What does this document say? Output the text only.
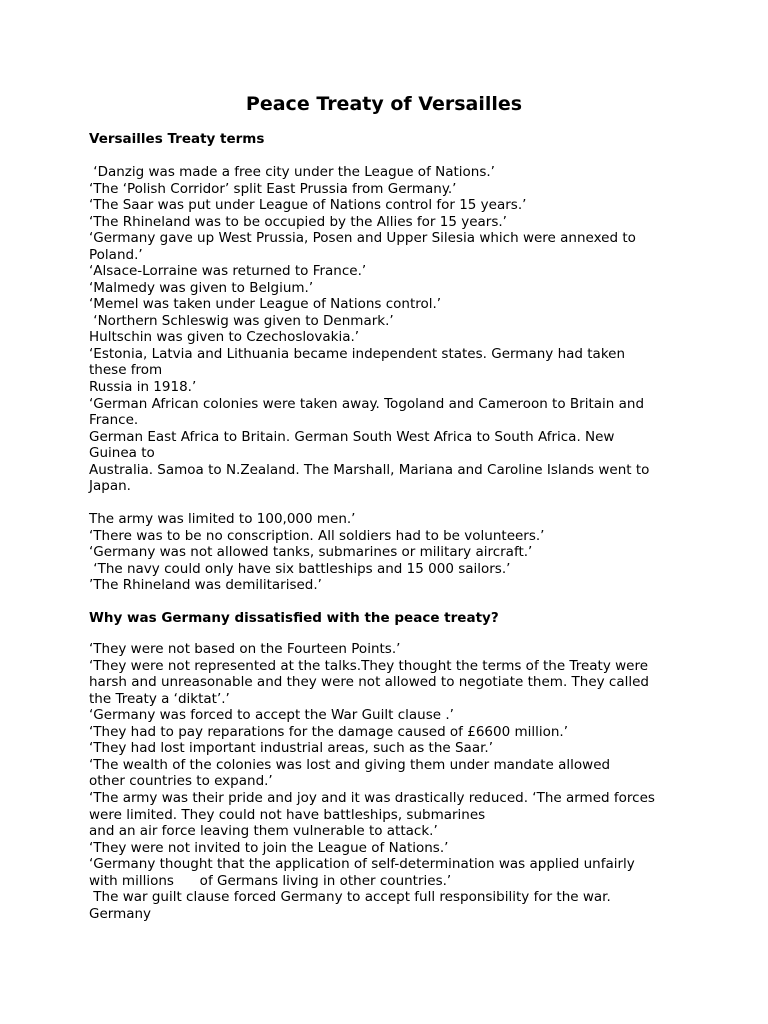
Peace Treaty of Versailles
Versailles Treaty terms
‘Danzig was made a free city under the League of Nations.’
‘The ‘Polish Corridor’ split East Prussia from Germany.’
‘The Saar was put under League of Nations control for 15 years.’
‘The Rhineland was to be occupied by the Allies for 15 years.’
‘Germany gave up West Prussia, Posen and Upper Silesia which were annexed to
Poland.’
‘Alsace-Lorraine was returned to France.’
‘Malmedy was given to Belgium.’
‘Memel was taken under League of Nations control.’
‘Northern Schleswig was given to Denmark.’
Hultschin was given to Czechoslovakia.’
‘Estonia, Latvia and Lithuania became independent states. Germany had taken
these from
Russia in 1918.’
‘German African colonies were taken away. Togoland and Cameroon to Britain and
France.
German East Africa to Britain. German South West Africa to South Africa. New
Guinea to
Australia. Samoa to N.Zealand. The Marshall, Mariana and Caroline Islands went to
Japan.
The army was limited to 100,000 men.’
‘There was to be no conscription. All soldiers had to be volunteers.’
‘Germany was not allowed tanks, submarines or military aircraft.’
‘The navy could only have six battleships and 15 000 sailors.’
’The Rhineland was demilitarised.’
Why was Germany dissatisfied with the peace treaty?
‘They were not based on the Fourteen Points.’
‘They were not represented at the talks.They thought the terms of the Treaty were
harsh and unreasonable and they were not allowed to negotiate them. They called
the Treaty a ‘diktat’.’
‘Germany was forced to accept the War Guilt clause .’
‘They had to pay reparations for the damage caused of £6600 million.’
‘They had lost important industrial areas, such as the Saar.’
‘The wealth of the colonies was lost and giving them under mandate allowed
other countries to expand.’
‘The army was their pride and joy and it was drastically reduced. ‘The armed forces
were limited. They could not have battleships, submarines
and an air force leaving them vulnerable to attack.’
‘They were not invited to join the League of Nations.’
‘Germany thought that the application of self-determination was applied unfairly
with millions      of Germans living in other countries.’
The war guilt clause forced Germany to accept full responsibility for the war.
Germany
